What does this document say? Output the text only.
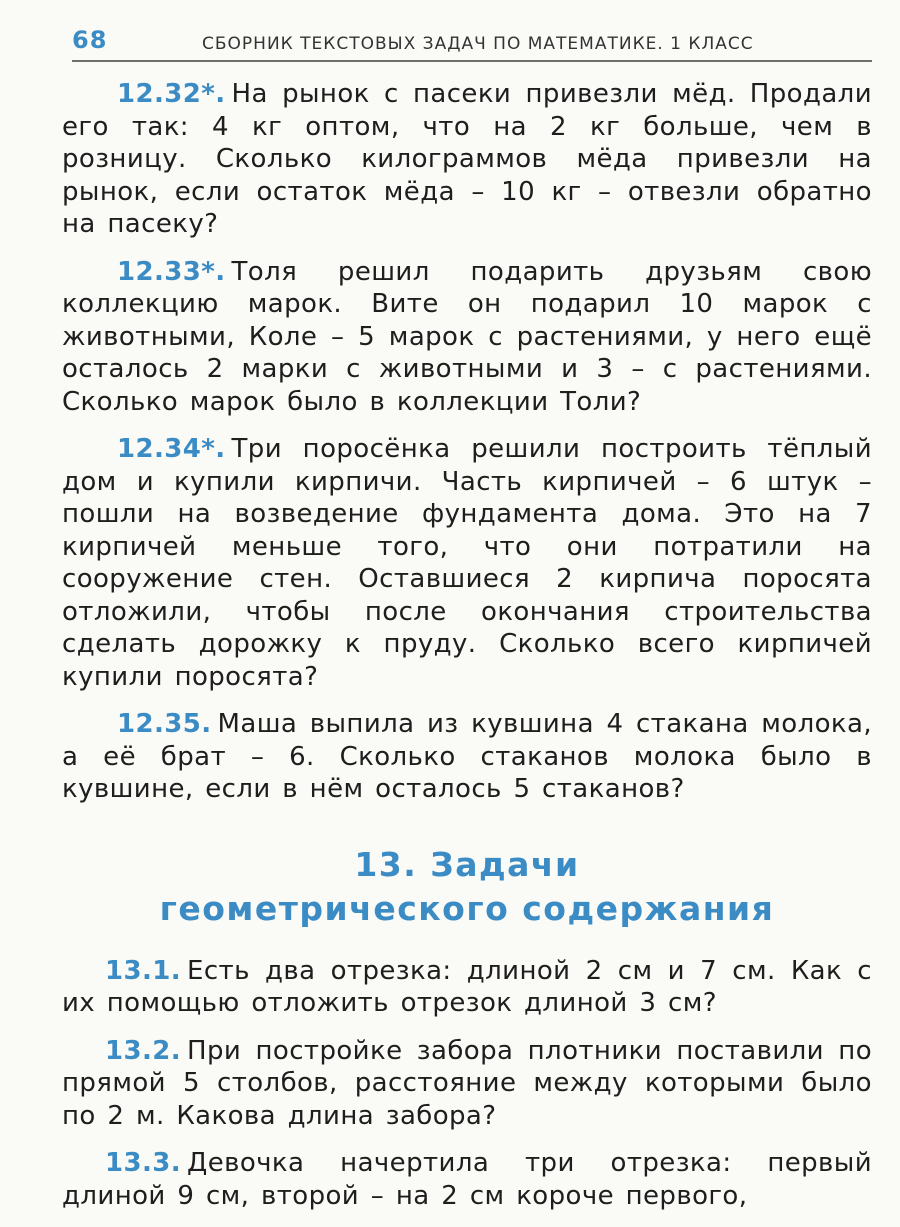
68	СБОРНИК ТЕКСТОВЫХ ЗАДАЧ ПО МАТЕМАТИКЕ. 1 КЛАСС

12.32*. На рынок с пасеки привезли мёд. Продали его так: 4 кг оптом, что на 2 кг больше, чем в розницу. Сколько килограммов мёда привезли на рынок, если остаток мёда – 10 кг – отвезли обратно на пасеку?

12.33*. Толя решил подарить друзьям свою коллекцию марок. Вите он подарил 10 марок с животными, Коле – 5 марок с растениями, у него ещё осталось 2 марки с животными и 3 – с растениями. Сколько марок было в коллекции Толи?

12.34*. Три поросёнка решили построить тёплый дом и купили кирпичи. Часть кирпичей – 6 штук – пошли на возведение фундамента дома. Это на 7 кирпичей меньше того, что они потратили на сооружение стен. Оставшиеся 2 кирпича поросята отложили, чтобы после окончания строительства сделать дорожку к пруду. Сколько всего кирпичей купили поросята?

12.35. Маша выпила из кувшина 4 стакана молока, а её брат – 6. Сколько стаканов молока было в кувшине, если в нём осталось 5 стаканов?

13. Задачи
геометрического содержания

13.1. Есть два отрезка: длиной 2 см и 7 см. Как с их помощью отложить отрезок длиной 3 см?

13.2. При постройке забора плотники поставили по прямой 5 столбов, расстояние между которыми было по 2 м. Какова длина забора?

13.3. Девочка начертила три отрезка: первый длиной 9 см, второй – на 2 см короче первого,
